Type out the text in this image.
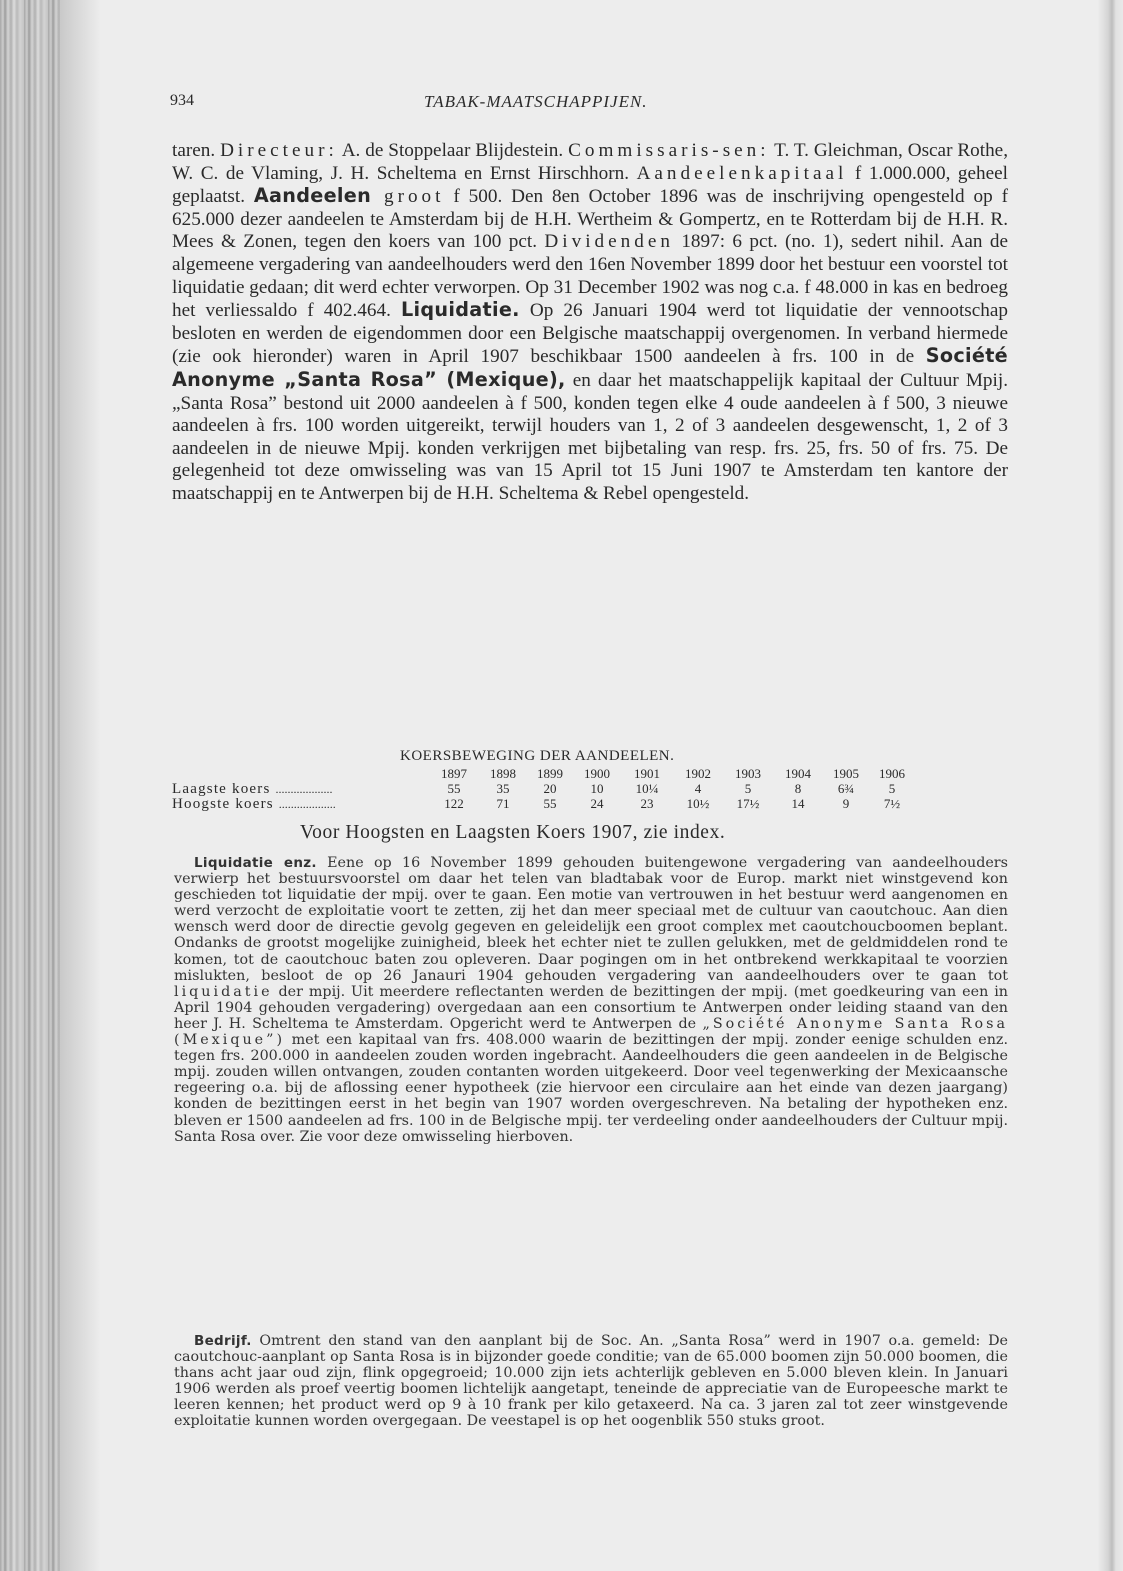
934	TABAK-MAATSCHAPPIJEN.

taren. Directeur: A. de Stoppelaar Blijdestein. Commissaris-sen: T. T. Gleichman, Oscar Rothe, W. C. de Vlaming, J. H. Scheltema en Ernst Hirschhorn. Aandeelenkapitaal f 1.000.000, geheel geplaatst. Aandeelen groot f 500. Den 8en October 1896 was de inschrijving opengesteld op f 625.000 dezer aandeelen te Amsterdam bij de H.H. Wertheim & Gompertz, en te Rotterdam bij de H.H. R. Mees & Zonen, tegen den koers van 100 pct. Dividenden 1897: 6 pct. (no. 1), sedert nihil. Aan de algemeene vergadering van aandeelhouders werd den 16en November 1899 door het bestuur een voorstel tot liquidatie gedaan; dit werd echter verworpen. Op 31 December 1902 was nog c.a. f 48.000 in kas en bedroeg het verliessaldo f 402.464. Liquidatie. Op 26 Januari 1904 werd tot liquidatie der vennootschap besloten en werden de eigendommen door een Belgische maatschappij overgenomen. In verband hiermede (zie ook hieronder) waren in April 1907 beschikbaar 1500 aandeelen à frs. 100 in de Société Anonyme „Santa Rosa” (Mexique), en daar het maatschappelijk kapitaal der Cultuur Mpij. „Santa Rosa” bestond uit 2000 aandeelen à f 500, konden tegen elke 4 oude aandeelen à f 500, 3 nieuwe aandeelen à frs. 100 worden uitgereikt, terwijl houders van 1, 2 of 3 aandeelen desgewenscht, 1, 2 of 3 aandeelen in de nieuwe Mpij. konden verkrijgen met bijbetaling van resp. frs. 25, frs. 50 of frs. 75. De gelegenheid tot deze omwisseling was van 15 April tot 15 Juni 1907 te Amsterdam ten kantore der maatschappij en te Antwerpen bij de H.H. Scheltema & Rebel opengesteld.

KOERSBEWEGING DER AANDEELEN.
1897	1898	1899	1900	1901	1902	1903	1904	1905	1906
Laagste koers ...................	55	35	20	10	10¼	4	5	8	6¾	5
Hoogste koers ...................	122	71	55	24	23	10½	17½	14	9	7½
Voor Hoogsten en Laagsten Koers 1907, zie index.

Liquidatie enz. Eene op 16 November 1899 gehouden buitengewone vergadering van aandeelhouders verwierp het bestuursvoorstel om daar het telen van bladtabak voor de Europ. markt niet winstgevend kon geschieden tot liquidatie der mpij. over te gaan. Een motie van vertrouwen in het bestuur werd aangenomen en werd verzocht de exploitatie voort te zetten, zij het dan meer speciaal met de cultuur van caoutchouc. Aan dien wensch werd door de directie gevolg gegeven en geleidelijk een groot complex met caoutchoucboomen beplant. Ondanks de grootst mogelijke zuinigheid, bleek het echter niet te zullen gelukken, met de geldmiddelen rond te komen, tot de caoutchouc baten zou opleveren. Daar pogingen om in het ontbrekend werkkapitaal te voorzien mislukten, besloot de op 26 Janauri 1904 gehouden vergadering van aandeelhouders over te gaan tot liquidatie der mpij. Uit meerdere reflectanten werden de bezittingen der mpij. (met goedkeuring van een in April 1904 gehouden vergadering) overgedaan aan een consortium te Antwerpen onder leiding staand van den heer J. H. Scheltema te Amsterdam. Opgericht werd te Antwerpen de „Société Anonyme Santa Rosa (Mexique”) met een kapitaal van frs. 408.000 waarin de bezittingen der mpij. zonder eenige schulden enz. tegen frs. 200.000 in aandeelen zouden worden ingebracht. Aandeelhouders die geen aandeelen in de Belgische mpij. zouden willen ontvangen, zouden contanten worden uitgekeerd. Door veel tegenwerking der Mexicaansche regeering o.a. bij de aflossing eener hypotheek (zie hiervoor een circulaire aan het einde van dezen jaargang) konden de bezittingen eerst in het begin van 1907 worden overgeschreven. Na betaling der hypotheken enz. bleven er 1500 aandeelen ad frs. 100 in de Belgische mpij. ter verdeeling onder aandeelhouders der Cultuur mpij. Santa Rosa over. Zie voor deze omwisseling hierboven.

Bedrijf. Omtrent den stand van den aanplant bij de Soc. An. „Santa Rosa” werd in 1907 o.a. gemeld: De caoutchouc-aanplant op Santa Rosa is in bijzonder goede conditie; van de 65.000 boomen zijn 50.000 boomen, die thans acht jaar oud zijn, flink opgegroeid; 10.000 zijn iets achterlijk gebleven en 5.000 bleven klein. In Januari 1906 werden als proef veertig boomen lichtelijk aangetapt, teneinde de appreciatie van de Europeesche markt te leeren kennen; het product werd op 9 à 10 frank per kilo getaxeerd. Na ca. 3 jaren zal tot zeer winstgevende exploitatie kunnen worden overgegaan. De veestapel is op het oogenblik 550 stuks groot.
